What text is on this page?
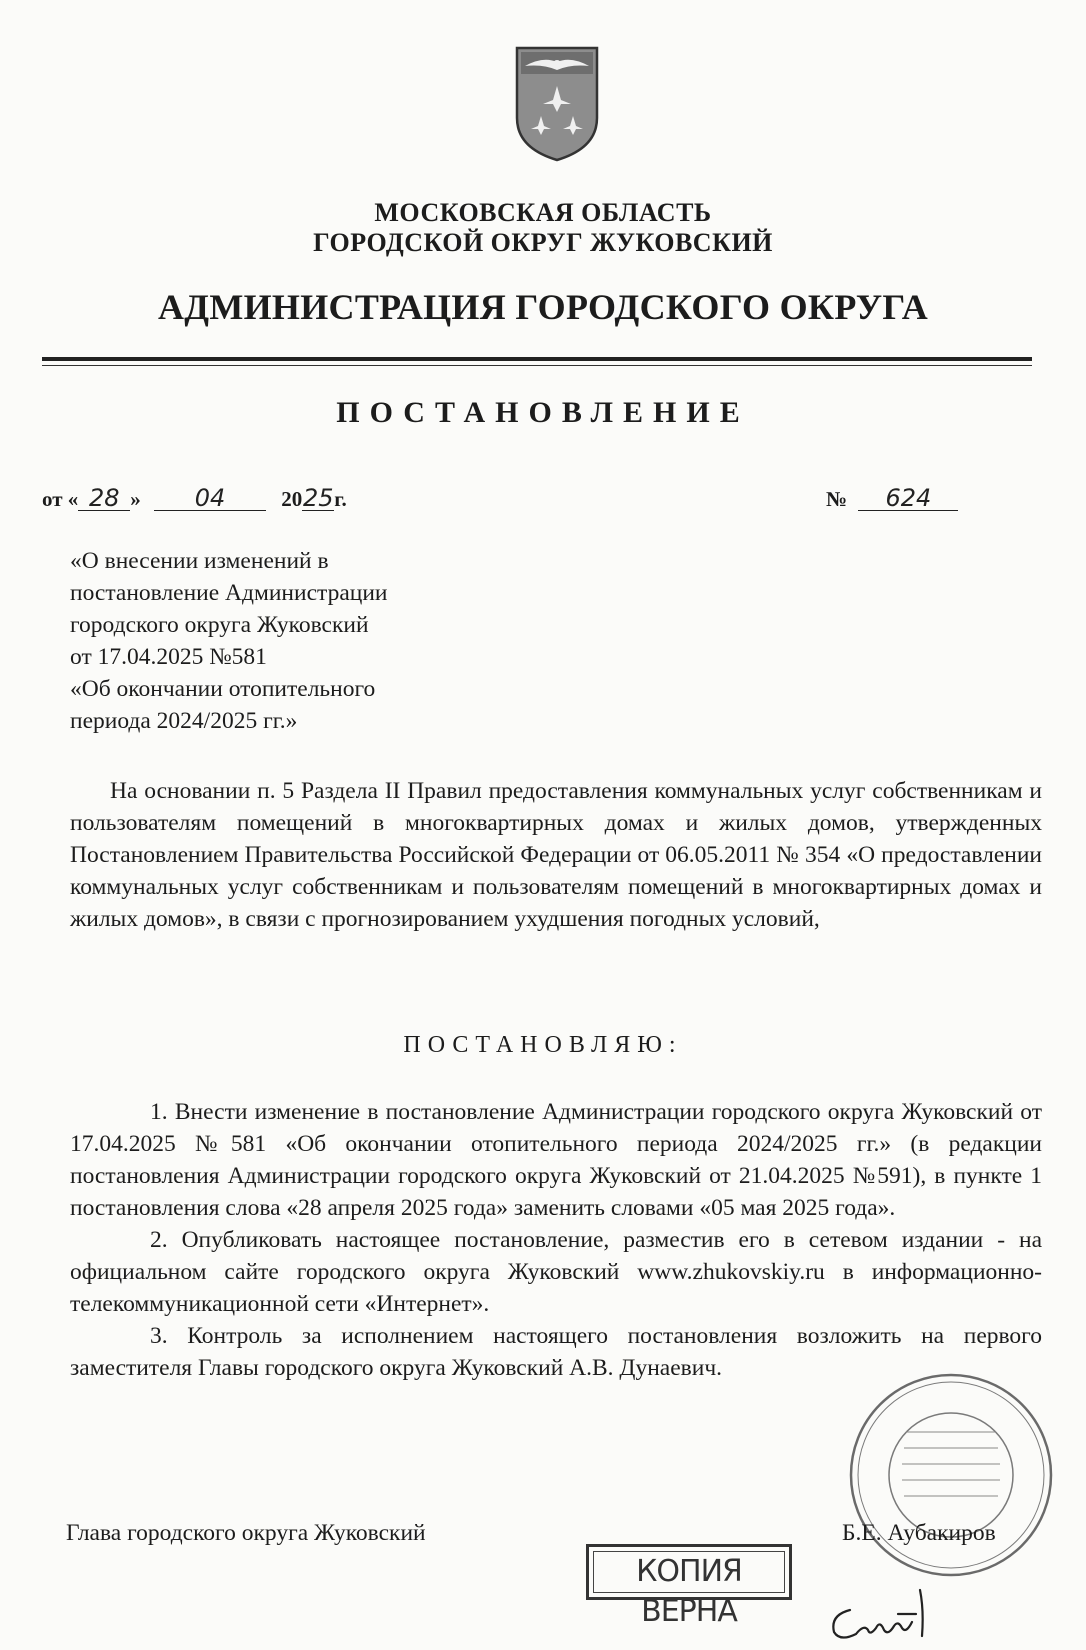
МОСКОВСКАЯ ОБЛАСТЬ
ГОРОДСКОЙ ОКРУГ ЖУКОВСКИЙ
АДМИНИСТРАЦИЯ ГОРОДСКОГО ОКРУГА
ПОСТАНОВЛЕНИЕ
от « 28 » 04	2025г.	№ 624
«О внесении изменений в
постановление Администрации
городского округа Жуковский
от 17.04.2025 №581
«Об окончании отопительного
периода 2024/2025 гг.»

На основании п. 5 Раздела II Правил предоставления коммунальных услуг собственникам и пользователям помещений в многоквартирных домах и жилых домов, утвержденных Постановлением Правительства Российской Федерации от 06.05.2011 № 354 «О предоставлении коммунальных услуг собственникам и пользователям помещений в многоквартирных домах и жилых домов», в связи с прогнозированием ухудшения погодных условий,

ПОСТАНОВЛЯЮ:

1. Внести изменение в постановление Администрации городского округа Жуковский от 17.04.2025 №581 «Об окончании отопительного периода 2024/2025 гг.» (в редакции постановления Администрации городского округа Жуковский от 21.04.2025 №591), в пункте 1 постановления слова «28 апреля 2025 года» заменить словами «05 мая 2025 года».

2. Опубликовать настоящее постановление, разместив его в сетевом издании - на официальном сайте городского округа Жуковский www.zhukovskiy.ru в информационно-телекоммуникационной сети «Интернет».

3. Контроль за исполнением настоящего постановления возложить на первого заместителя Главы городского округа Жуковский А.В. Дунаевич.

Глава городского округа Жуковский	Б.Е. Аубакиров
КОПИЯ ВЕРНА
